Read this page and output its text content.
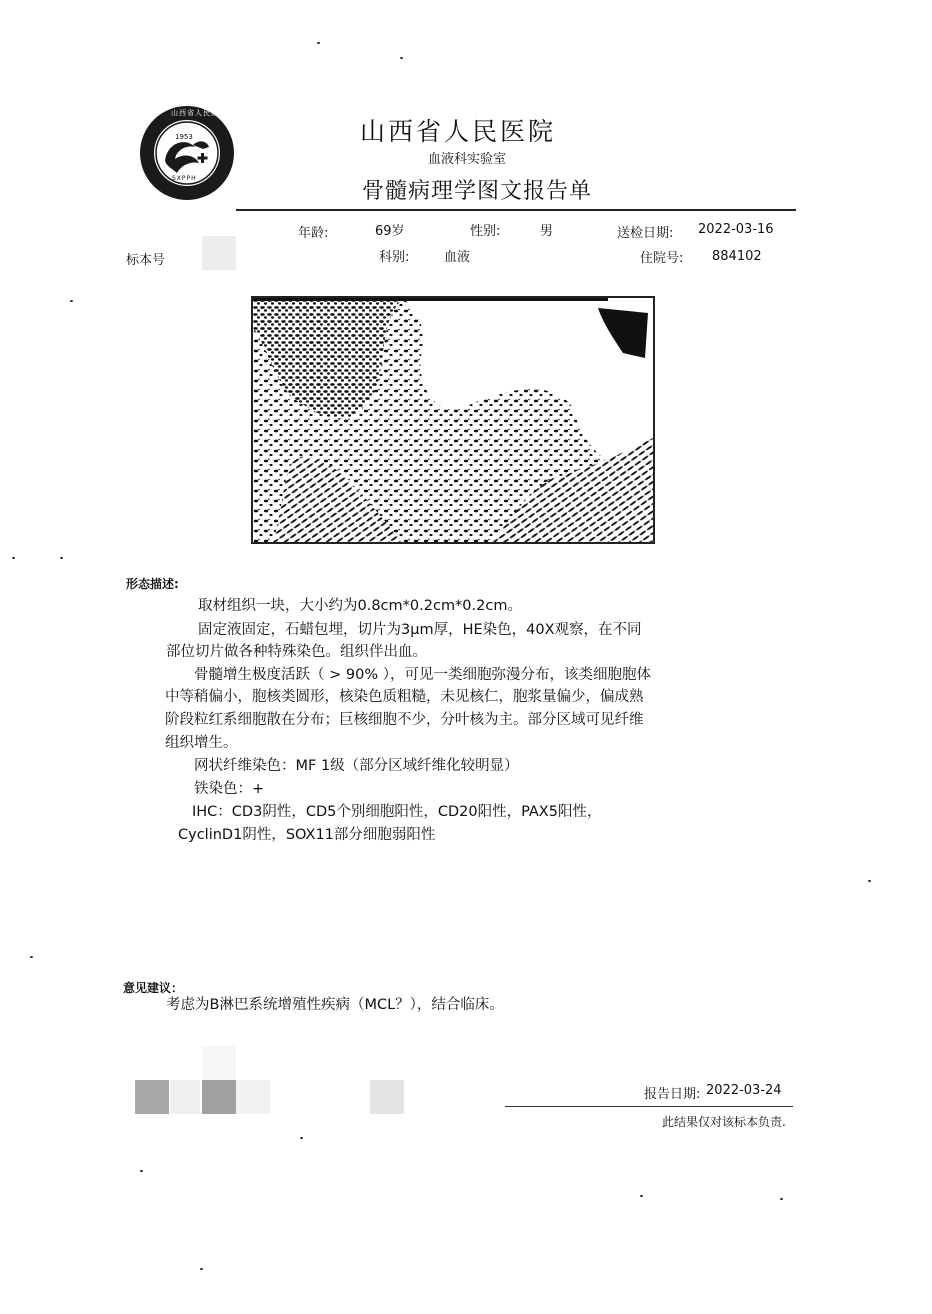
山西省人民医院
1953
SXPPH
山西省人民医院
血液科实验室
骨髓病理学图文报告单
年龄:	69岁	性别:	男	送检日期: 2022-03-16
标本号	科别:	血液	住院号: 884102
形态描述:
取材组织一块，大小约为0.8cm*0.2cm*0.2cm。
固定液固定，石蜡包埋，切片为3μm厚，HE染色，40X观察，在不同
部位切片做各种特殊染色。组织伴出血。
骨髓增生极度活跃（ > 90% ），可见一类细胞弥漫分布，该类细胞胞体
中等稍偏小，胞核类圆形，核染色质粗糙，未见核仁，胞浆量偏少，偏成熟
阶段粒红系细胞散在分布；巨核细胞不少，分叶核为主。部分区域可见纤维
组织增生。
网状纤维染色：MF 1级（部分区域纤维化较明显）
铁染色：+
IHC：CD3阴性，CD5个别细胞阳性，CD20阳性，PAX5阳性，
CyclinD1阴性，SOX11部分细胞弱阳性
意见建议：
考虑为B淋巴系统增殖性疾病（MCL？），结合临床。
报告日期: 2022-03-24
此结果仅对该标本负责.
